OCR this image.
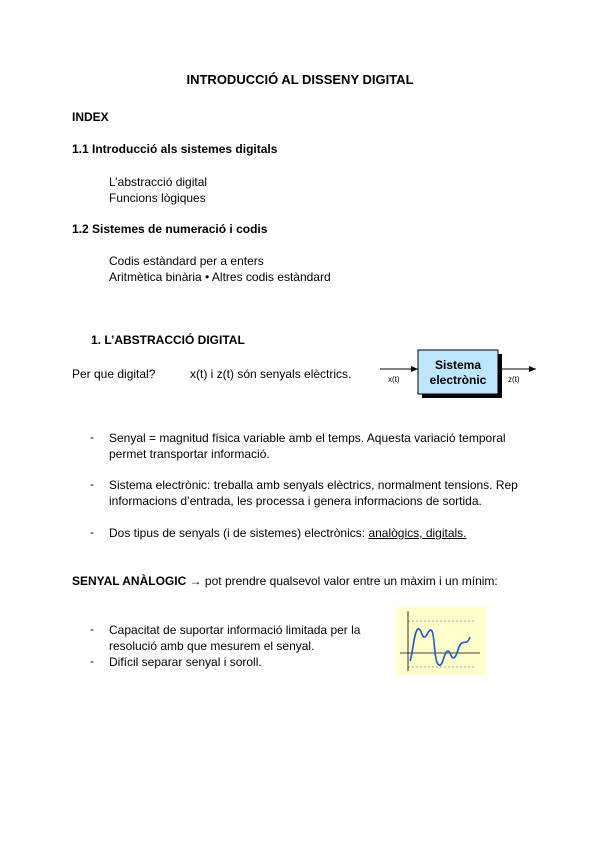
INTRODUCCIÓ AL DISSENY DIGITAL
INDEX
1.1 Introducció als sistemes digitals
L’abstracció digital
Funcions lògiques
1.2 Sistemes de numeració i codis
Codis estàndard per a enters
Aritmètica binària • Altres codis estàndard
1. L’ABSTRACCIÓ DIGITAL
Per que digital?	x(t) i z(t) són senyals elèctrics.
Sistema
electrònic
x(t)	z(t)
- Senyal = magnitud física variable amb el temps. Aquesta variació temporal permet transportar informació.
- Sistema electrònic: treballa amb senyals elèctrics, normalment tensions. Rep informacions d’entrada, les processa i genera informacions de sortida.
- Dos tipus de senyals (i de sistemes) electrònics: analògics, digitals.
SENYAL ANÀLOGIC → pot prendre qualsevol valor entre un màxim i un mínim:
- Capacitat de suportar informació limitada per la resolució amb que mesurem el senyal.
- Difícil separar senyal i soroll.
